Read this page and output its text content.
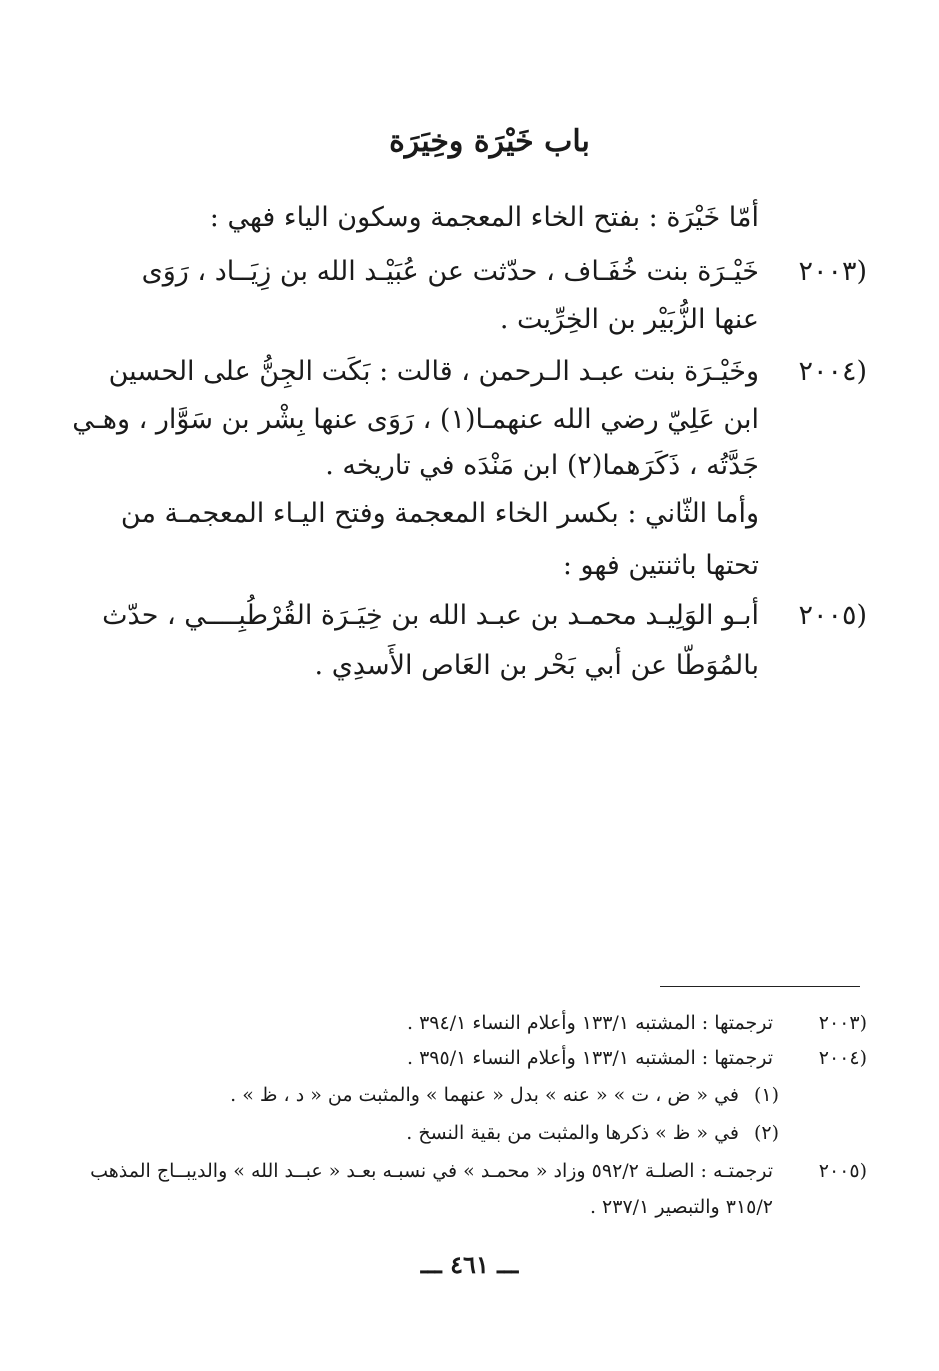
باب خَيْرَة وخِيَرَة
أمّا خَيْرَة : بفتح الخاء المعجمة وسكون الياء فهي :
(٢٠٠٣
خَيْـرَة بنت خُفَـاف ، حدّثت عن عُبَيْـد الله بن زِيَــاد ، رَوَى
عنها الزُّبَيْر بن الخِرِّيت .
(٢٠٠٤
وخَيْـرَة بنت عبـد الـرحمن ، قالت : بَكَت الجِنُّ على الحسين
ابن عَلِيّ رضي الله عنهمـا(١) ، رَوَى عنها بِشْر بن سَوَّار ، وهـي
جَدَّتُه ، ذَكَرَهما(٢) ابن مَنْدَه في تاريخه .
وأما الثّاني : بكسر الخاء المعجمة وفتح اليـاء المعجمـة من
تحتها باثنتين فهو :
(٢٠٠٥
أبـو الوَلِيـد محمـد بن عبـد الله بن خِيَـرَة القُرْطُبِــــي ، حدّث
بالمُوَطّا عن أبي بَحْر بن العَاص الأَسدِي .
(٢٠٠٣
ترجمتها : المشتبه ١٣٣/١ وأعلام النساء ٣٩٤/١ .
(٢٠٠٤
ترجمتها : المشتبه ١٣٣/١ وأعلام النساء ٣٩٥/١ .
(١)
في « ض ، ت » « عنه » بدل « عنهما » والمثبت من « د ، ظ » .
(٢)
في « ظ » ذكرها والمثبت من بقية النسخ .
(٢٠٠٥
ترجمتـه : الصلـة ٥٩٢/٢ وزاد « محمـد » في نسبـه بعـد « عبــد الله » والديبــاج المذهب
٣١٥/٢ والتبصير ٢٣٧/١ .
ـــ ٤٦١ ـــ
